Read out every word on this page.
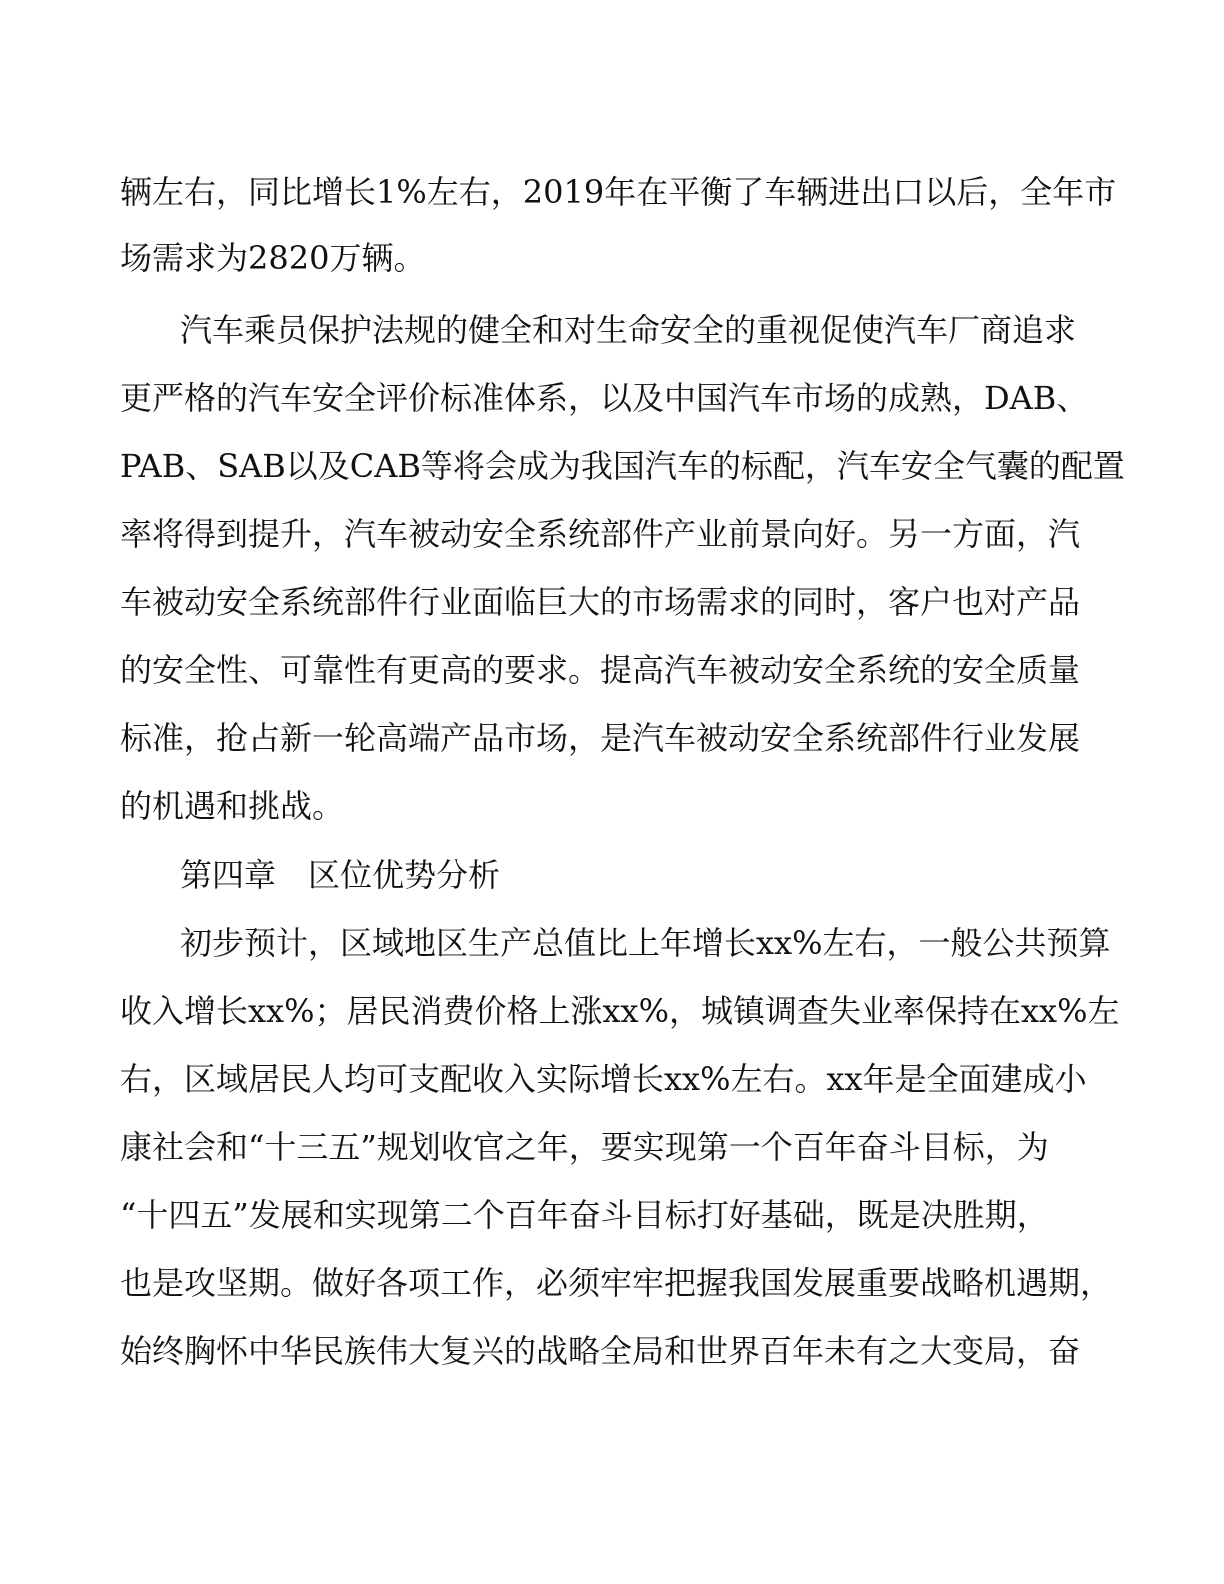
辆左右，同比增长1%左右，2019年在平衡了车辆进出口以后，全年市
场需求为2820万辆。
汽车乘员保护法规的健全和对生命安全的重视促使汽车厂商追求
更严格的汽车安全评价标准体系，以及中国汽车市场的成熟，DAB、
PAB、SAB以及CAB等将会成为我国汽车的标配，汽车安全气囊的配置
率将得到提升，汽车被动安全系统部件产业前景向好。另一方面，汽
车被动安全系统部件行业面临巨大的市场需求的同时，客户也对产品
的安全性、可靠性有更高的要求。提高汽车被动安全系统的安全质量
标准，抢占新一轮高端产品市场，是汽车被动安全系统部件行业发展
的机遇和挑战。
第四章　区位优势分析
初步预计，区域地区生产总值比上年增长xx%左右，一般公共预算
收入增长xx%；居民消费价格上涨xx%，城镇调查失业率保持在xx%左
右，区域居民人均可支配收入实际增长xx%左右。xx年是全面建成小
康社会和“十三五”规划收官之年，要实现第一个百年奋斗目标，为
“十四五”发展和实现第二个百年奋斗目标打好基础，既是决胜期，
也是攻坚期。做好各项工作，必须牢牢把握我国发展重要战略机遇期，
始终胸怀中华民族伟大复兴的战略全局和世界百年未有之大变局，奋
